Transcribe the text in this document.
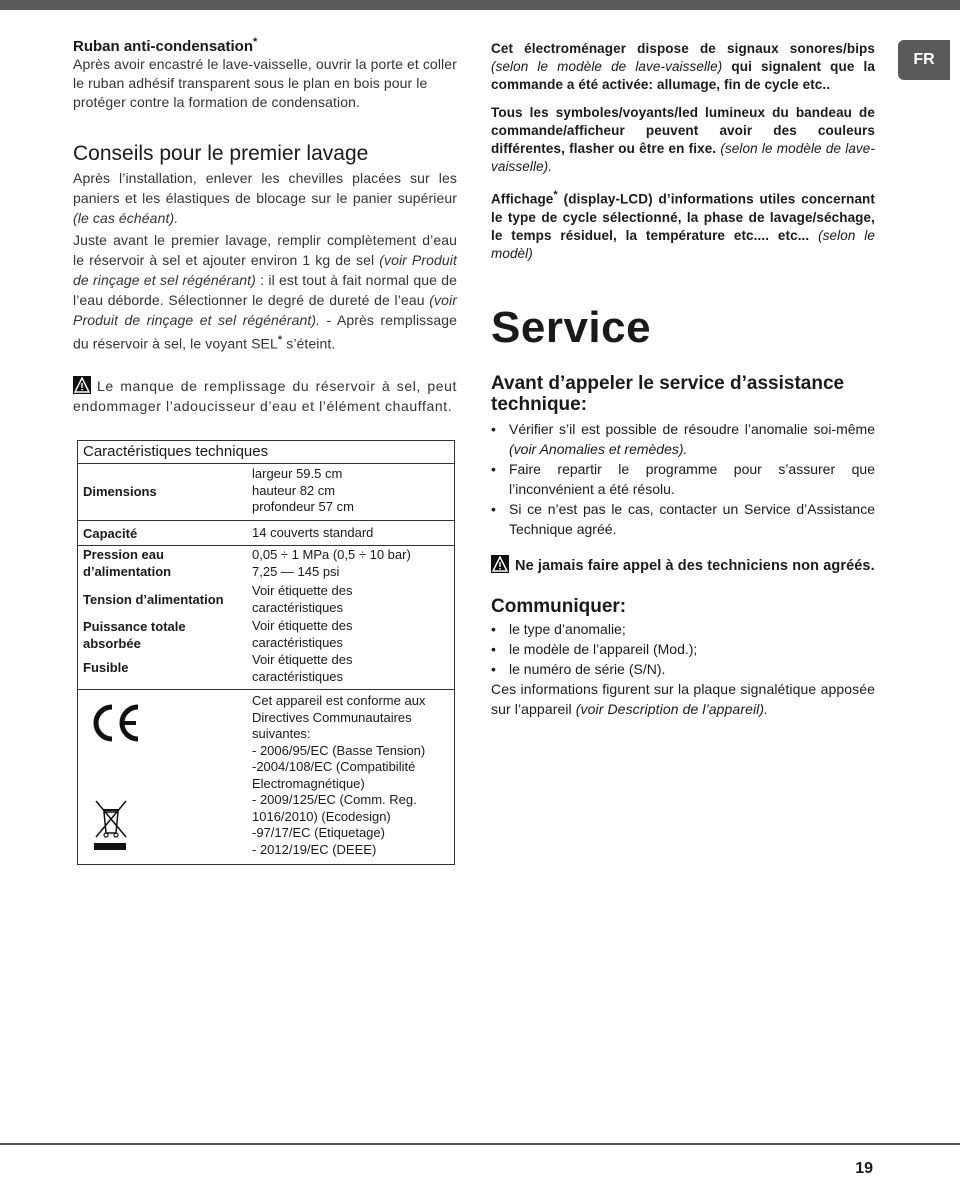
FR

Ruban anti-condensation*

Après avoir encastré le lave-vaisselle, ouvrir la porte et coller le ruban adhésif transparent sous le plan en bois pour le protéger contre la formation de condensation.

Conseils pour le premier lavage

Après l’installation, enlever les chevilles placées sur les paniers et les élastiques de blocage sur le panier supérieur (le cas échéant).

Juste avant le premier lavage, remplir complètement d’eau le réservoir à sel et ajouter environ 1 kg de sel (voir Produit de rinçage et sel régénérant) : il est tout à fait normal que de l’eau déborde. Sélectionner le degré de dureté de l’eau (voir Produit de rinçage et sel régénérant). - Après remplissage du réservoir à sel, le voyant SEL* s’éteint.

Le manque de remplissage du réservoir à sel, peut endommager l’adoucisseur d’eau et l’élément chauffant.

Caractéristiques techniques
Dimensions
largeur 59.5 cm
hauteur 82 cm
profondeur 57 cm
Capacité	14 couverts standard
Pression eau
d’alimentation
0,05 ÷ 1 MPa (0,5 ÷ 10 bar)
7,25 — 145 psi
Tension d’alimentation
Voir étiquette des
caractéristiques
Puissance totale
absorbée
Voir étiquette des
caractéristiques
Fusible
Voir étiquette des
caractéristiques
Cet appareil est conforme aux
Directives Communautaires
suivantes:
- 2006/95/EC (Basse Tension)
-2004/108/EC (Compatibilité
Electromagnétique)
- 2009/125/EC (Comm. Reg.
1016/2010) (Ecodesign)
-97/17/EC (Etiquetage)
- 2012/19/EC (DEEE)

Cet électroménager dispose de signaux sonores/bips (selon le modèle de lave-vaisselle) qui signalent que la commande a été activée: allumage, fin de cycle etc..

Tous les symboles/voyants/led lumineux du bandeau de commande/afficheur peuvent avoir des couleurs différentes, flasher ou être en fixe. (selon le modèle de lave-vaisselle).

Affichage* (display-LCD) d’informations utiles concernant le type de cycle sélectionné, la phase de lavage/séchage, le temps résiduel, la température etc.... etc... (selon le modèl)

Service

Avant d’appeler le service d’assistance technique:

• Vérifier s’il est possible de résoudre l’anomalie soi-même (voir Anomalies et remèdes).
• Faire repartir le programme pour s’assurer que l’inconvénient a été résolu.
• Si ce n’est pas le cas, contacter un Service d’Assistance Technique agréé.

Ne jamais faire appel à des techniciens non agréés.

Communiquer:

• le type d’anomalie;
• le modèle de l’appareil (Mod.);
• le numéro de série (S/N).

Ces informations figurent sur la plaque signalétique apposée sur l’appareil (voir Description de l’appareil).

19
